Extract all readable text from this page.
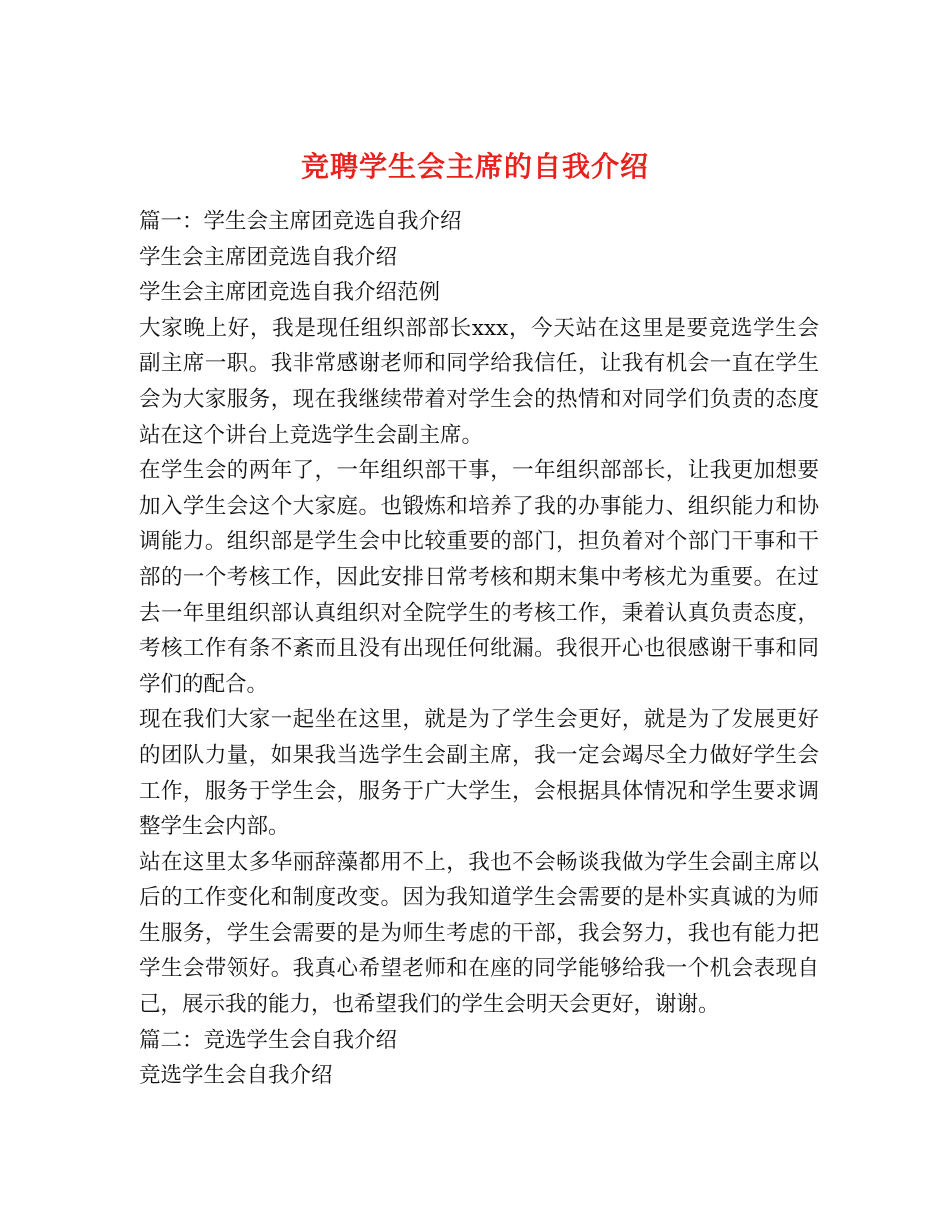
竞聘学生会主席的自我介绍

篇一：学生会主席团竞选自我介绍

学生会主席团竞选自我介绍

学生会主席团竞选自我介绍范例

大家晚上好，我是现任组织部部长xxx，今天站在这里是要竞选学生会副主席一职。我非常感谢老师和同学给我信任，让我有机会一直在学生会为大家服务，现在我继续带着对学生会的热情和对同学们负责的态度站在这个讲台上竞选学生会副主席。

在学生会的两年了，一年组织部干事，一年组织部部长，让我更加想要加入学生会这个大家庭。也锻炼和培养了我的办事能力、组织能力和协调能力。组织部是学生会中比较重要的部门，担负着对个部门干事和干部的一个考核工作，因此安排日常考核和期末集中考核尤为重要。在过去一年里组织部认真组织对全院学生的考核工作，秉着认真负责态度，考核工作有条不紊而且没有出现任何纰漏。我很开心也很感谢干事和同学们的配合。

现在我们大家一起坐在这里，就是为了学生会更好，就是为了发展更好的团队力量，如果我当选学生会副主席，我一定会竭尽全力做好学生会工作，服务于学生会，服务于广大学生，会根据具体情况和学生要求调整学生会内部。

站在这里太多华丽辞藻都用不上，我也不会畅谈我做为学生会副主席以后的工作变化和制度改变。因为我知道学生会需要的是朴实真诚的为师生服务，学生会需要的是为师生考虑的干部，我会努力，我也有能力把学生会带领好。我真心希望老师和在座的同学能够给我一个机会表现自己，展示我的能力，也希望我们的学生会明天会更好，谢谢。

篇二：竞选学生会自我介绍

竞选学生会自我介绍
